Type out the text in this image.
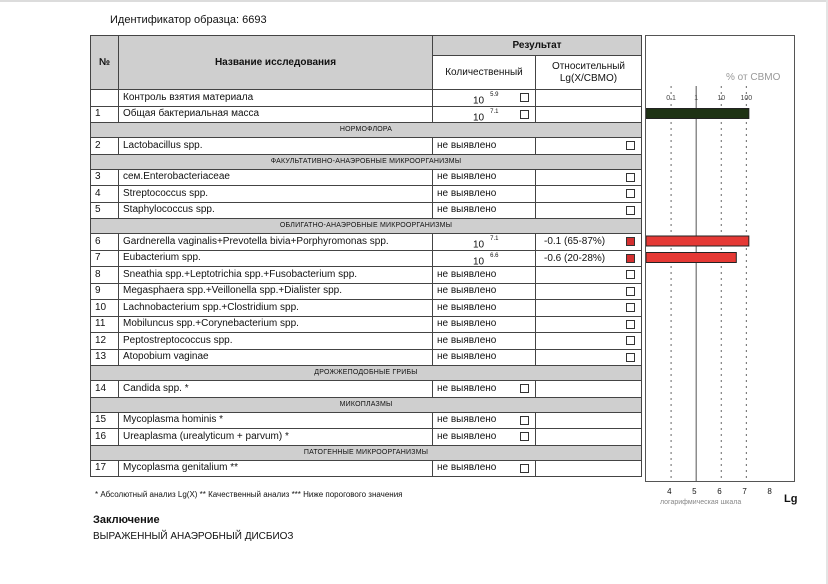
Идентификатор образца: 6693
№	Название исследования	Результат	
		Количественный	Относительный Lg(X/СВМО)
	Контроль взятия материала	$10^{5.9}$

1	Общая бактериальная масса	$10^{7.1}$

НОРМОФЛОРА			
2	Lactobacillus spp.	не выявлено	

ФАКУЛЬТАТИВНО-АНАЭРОБНЫЕ МИКРООРГАНИЗМЫ			
3	сем.Enterobacteriaceae	не выявлено	

4	Streptococcus spp.	не выявлено	

5	Staphylococcus spp.	не выявлено	

ОБЛИГАТНО-АНАЭРОБНЫЕ МИКРООРГАНИЗМЫ			
6	Gardnerella vaginalis+Prevotella bivia+Porphyromonas spp.	$10^{7.1}$	-0.1 (65-87%)

7	Eubacterium spp.	$10^{6.6}$	-0.6 (20-28%)

8	Sneathia spp.+Leptotrichia spp.+Fusobacterium spp.	не выявлено	

9	Megasphaera spp.+Veillonella spp.+Dialister spp.	не выявлено	

10	Lachnobacterium spp.+Clostridium spp.	не выявлено	

11	Mobiluncus spp.+Corynebacterium spp.	не выявлено	

12	Peptostreptococcus spp.	не выявлено	

13	Atopobium vaginae	не выявлено	

ДРОЖЖЕПОДОБНЫЕ ГРИБЫ			
14	Candida spp. *	не выявлено

МИКОПЛАЗМЫ			
15	Mycoplasma hominis *	не выявлено

16	Ureaplasma (urealyticum + parvum) *	не выявлено

ПАТОГЕННЫЕ МИКРООРГАНИЗМЫ			
17	Mycoplasma genitalium **	не выявлено

0.1	1	10 100
% от СВМО
4	5	6	7	8
Lg
логарифмическая шкала
* Абсолютный анализ Lg(X) ** Качественный анализ *** Ниже порогового значения
Заключение
ВЫРАЖЕННЫЙ АНАЭРОБНЫЙ ДИСБИОЗ
